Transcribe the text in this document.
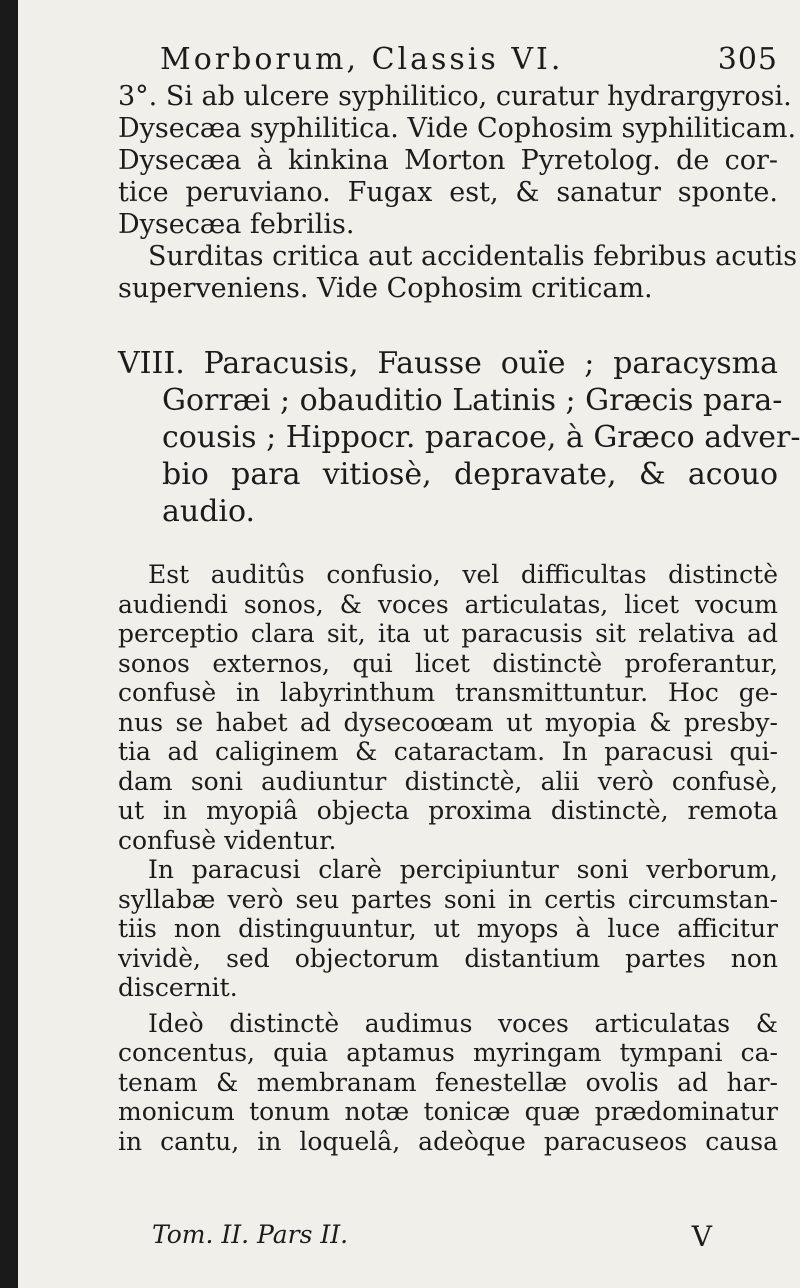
Morborum, Classis VI.	305

3°. Si ab ulcere syphilitico, curatur hydrargyrosi.
Dysecæa syphilitica. Vide Cophosim syphiliticam.
Dysecæa à kinkina Morton Pyretolog. de cor-
tice peruviano. Fugax est, & sanatur sponte.
Dysecæa febrilis.
Surditas critica aut accidentalis febribus acutis
superveniens. Vide Cophosim criticam.

VIII. Paracusis, Fausse ouïe ; paracysma
Gorræi ; obauditio Latinis ; Græcis para-
cousis ; Hippocr. paracoe, à Græco adver-
bio para vitiosè, depravate, & acouo
audio.

Est auditûs confusio, vel difficultas distinctè
audiendi sonos, & voces articulatas, licet vocum
perceptio clara sit, ita ut paracusis sit relativa ad
sonos externos, qui licet distinctè proferantur,
confusè in labyrinthum transmittuntur. Hoc ge-
nus se habet ad dysecoœam ut myopia & presby-
tia ad caliginem & cataractam. In paracusi qui-
dam soni audiuntur distinctè, alii verò confusè,
ut in myopiâ objecta proxima distinctè, remota
confusè videntur.

In paracusi clarè percipiuntur soni verborum,
syllabæ verò seu partes soni in certis circumstan-
tiis non distinguuntur, ut myops à luce afficitur
vividè, sed objectorum distantium partes non
discernit.

Ideò distinctè audimus voces articulatas &
concentus, quia aptamus myringam tympani ca-
tenam & membranam fenestellæ ovolis ad har-
monicum tonum notæ tonicæ quæ prædominatur
in cantu, in loquelâ, adeòque paracuseos causa

Tom. II. Pars II.	V
